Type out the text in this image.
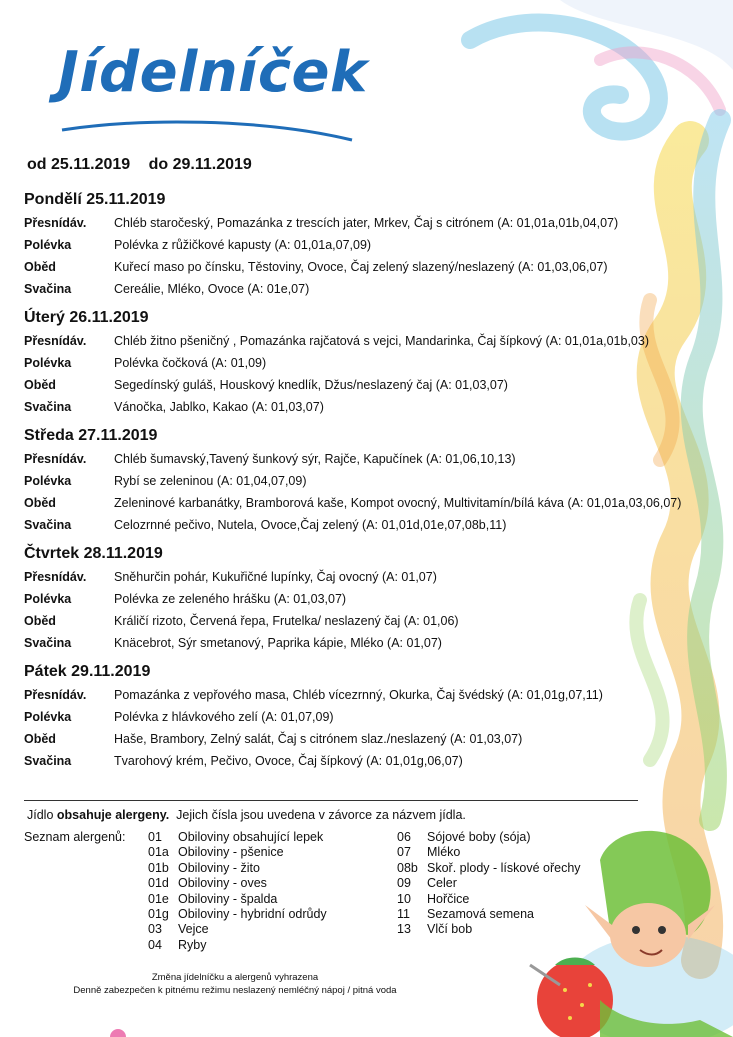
Jídelníček
od 25.11.2019 do 29.11.2019
Pondělí 25.11.2019
Přesnídáv.	Chléb staročeský, Pomazánka z trescích jater, Mrkev, Čaj s citrónem (A: 01,01a,01b,04,07)
Polévka	Polévka z růžičkové kapusty (A: 01,01a,07,09)
Oběd	Kuřecí maso po čínsku, Těstoviny, Ovoce, Čaj zelený slazený/neslazený (A: 01,03,06,07)
Svačina	Cereálie, Mléko, Ovoce (A: 01e,07)
Úterý 26.11.2019
Přesnídáv.	Chléb žitno pšeničný , Pomazánka rajčatová s vejci, Mandarinka, Čaj šípkový (A: 01,01a,01b,03)
Polévka	Polévka čočková (A: 01,09)
Oběd	Segedínský guláš, Houskový knedlík, Džus/neslazený čaj (A: 01,03,07)
Svačina	Vánočka, Jablko, Kakao (A: 01,03,07)
Středa 27.11.2019
Přesnídáv.	Chléb šumavský,Tavený šunkový sýr, Rajče, Kapučínek (A: 01,06,10,13)
Polévka	Rybí se zeleninou (A: 01,04,07,09)
Oběd	Zeleninové karbanátky, Bramborová kaše, Kompot ovocný, Multivitamín/bílá káva (A: 01,01a,03,06,07)
Svačina	Celozrnné pečivo, Nutela, Ovoce,Čaj zelený (A: 01,01d,01e,07,08b,11)
Čtvrtek 28.11.2019
Přesnídáv.	Sněhurčin pohár, Kukuřičné lupínky, Čaj ovocný (A: 01,07)
Polévka	Polévka ze zeleného hrášku (A: 01,03,07)
Oběd	Králičí rizoto, Červená řepa, Frutelka/ neslazený čaj (A: 01,06)
Svačina	Knäcebrot, Sýr smetanový, Paprika kápie, Mléko (A: 01,07)
Pátek 29.11.2019
Přesnídáv.	Pomazánka z vepřového masa, Chléb vícezrnný, Okurka, Čaj švédský (A: 01,01g,07,11)
Polévka	Polévka z hlávkového zelí (A: 01,07,09)
Oběd	Haše, Brambory, Zelný salát, Čaj s citrónem slaz./neslazený (A: 01,03,07)
Svačina	Tvarohový krém, Pečivo, Ovoce, Čaj šípkový (A: 01,01g,06,07)
Jídlo obsahuje alergeny. Jejich čísla jsou uvedena v závorce za názvem jídla.
Seznam alergenů: 01	Obiloviny obsahující lepek
01a Obiloviny - pšenice
01b Obiloviny - žito
01d Obiloviny - oves
01e Obiloviny - špalda
01g Obiloviny - hybridní odrůdy
03	Vejce
04	Ryby
06	Sójové boby (sója)
07	Mléko
08b Skoř. plody - lískové ořechy
09	Celer
10	Hořčice
11	Sezamová semena
13	Vlčí bob
Změna jídelníčku a alergenů vyhrazena
Denně zabezpečen k pitnému režimu neslazený nemléčný nápoj / pitná voda
